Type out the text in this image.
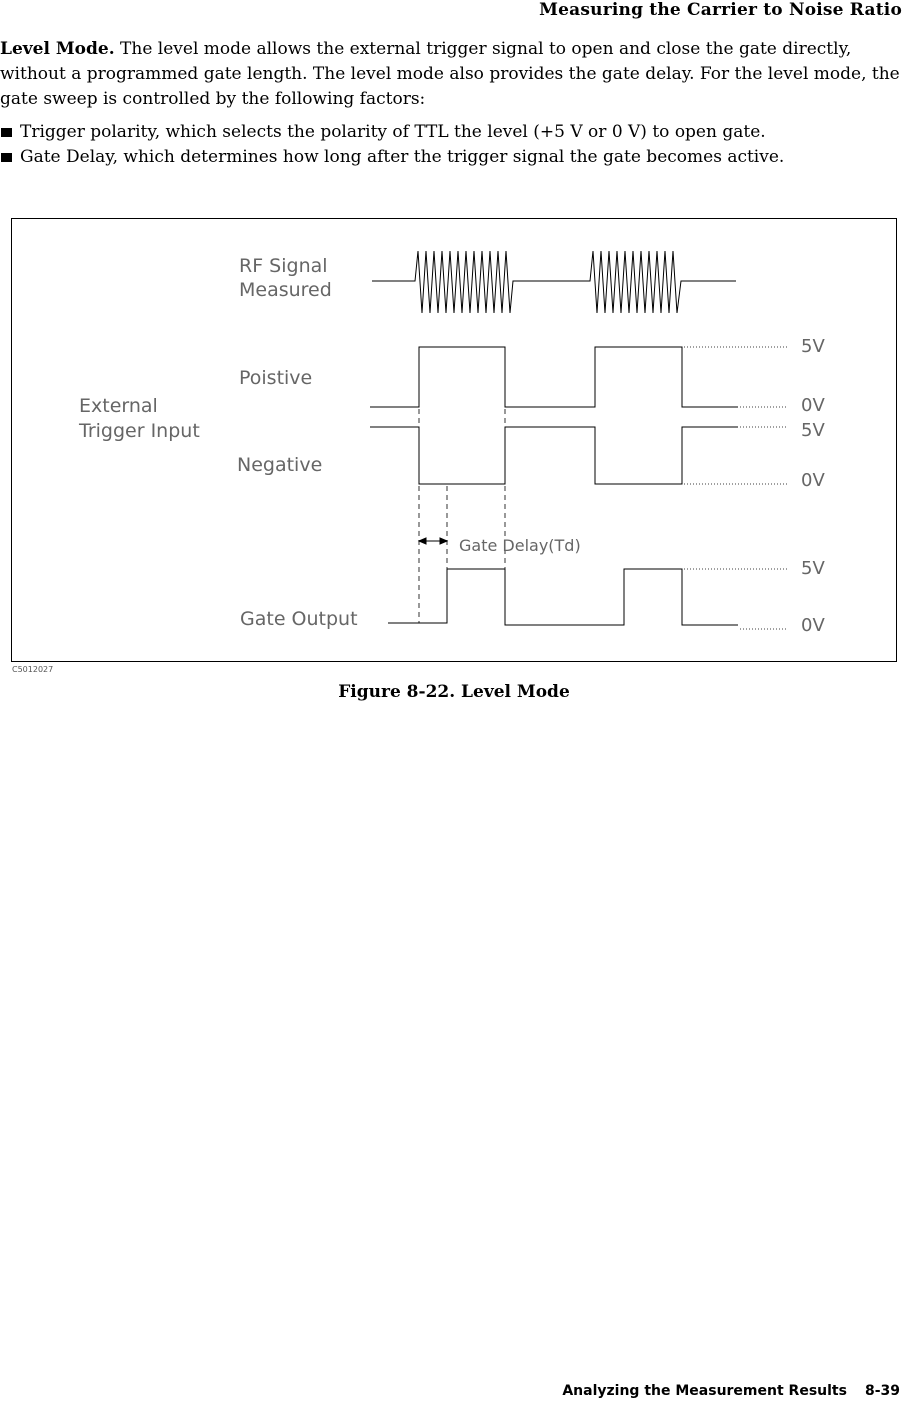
Measuring the Carrier to Noise Ratio
Level Mode. The level mode allows the external trigger signal to open and close the gate directly, without a programmed gate length. The level mode also provides the gate delay. For the level mode, the gate sweep is controlled by the following factors:
Trigger polarity, which selects the polarity of TTL the level (+5 V or 0 V) to open gate.
Gate Delay, which determines how long after the trigger signal the gate becomes active.
RF Signal
Measured
Poistive
External
Trigger Input
Negative
Gate Delay(Td)
Gate Output
5V
0V
5V
0V
5V
0V
C5012027
Figure 8-22. Level Mode
Analyzing the Measurement Results 8-39
